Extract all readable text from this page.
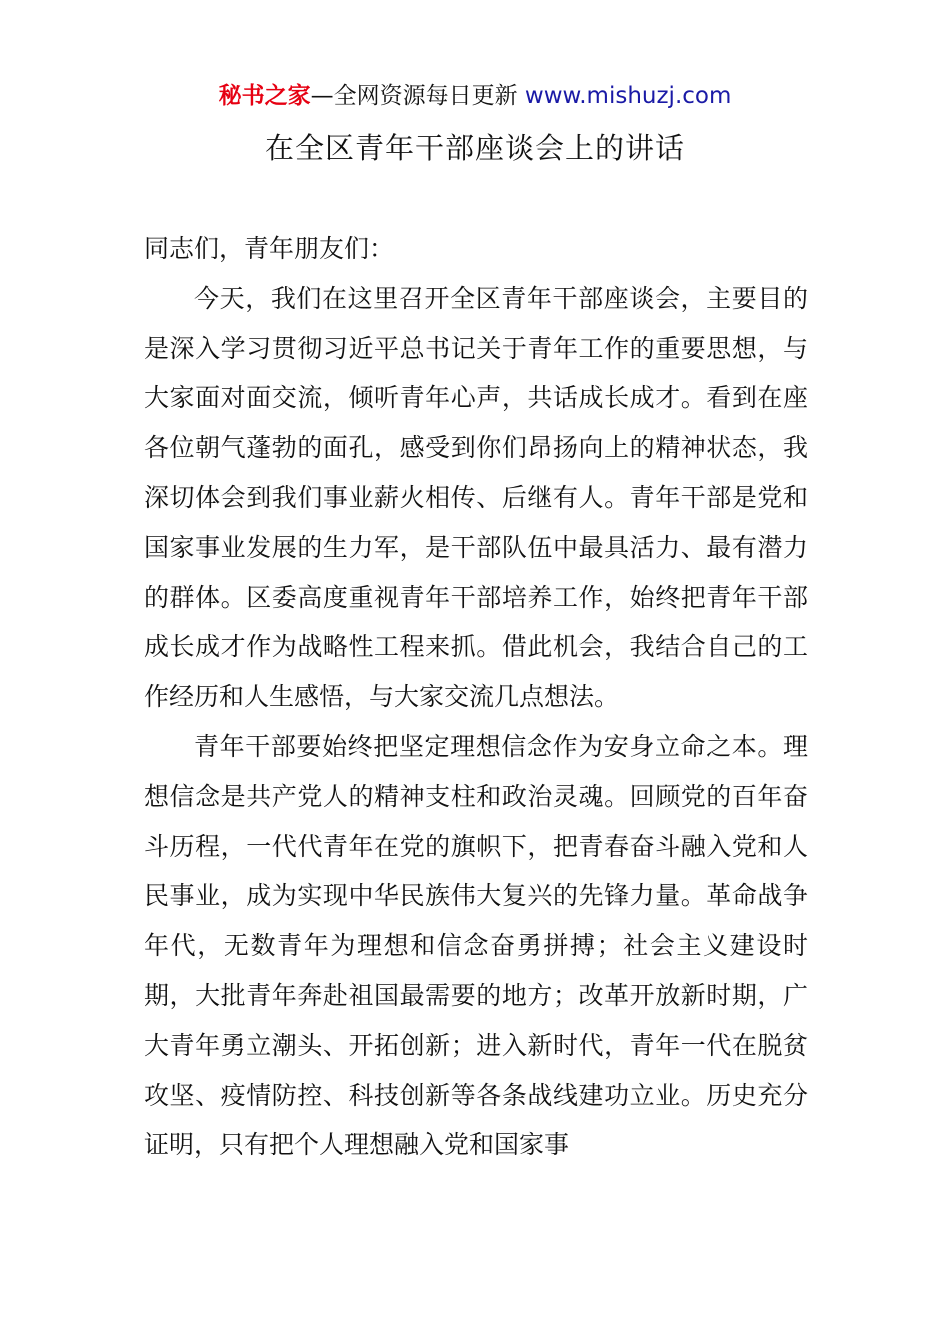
秘书之家—全网资源每日更新 www.mishuzj.com
在全区青年干部座谈会上的讲话

同志们，青年朋友们：

今天，我们在这里召开全区青年干部座谈会，主要目的是深入学习贯彻习近平总书记关于青年工作的重要思想，与大家面对面交流，倾听青年心声，共话成长成才。看到在座各位朝气蓬勃的面孔，感受到你们昂扬向上的精神状态，我深切体会到我们事业薪火相传、后继有人。青年干部是党和国家事业发展的生力军，是干部队伍中最具活力、最有潜力的群体。区委高度重视青年干部培养工作，始终把青年干部成长成才作为战略性工程来抓。借此机会，我结合自己的工作经历和人生感悟，与大家交流几点想法。

青年干部要始终把坚定理想信念作为安身立命之本。理想信念是共产党人的精神支柱和政治灵魂。回顾党的百年奋斗历程，一代代青年在党的旗帜下，把青春奋斗融入党和人民事业，成为实现中华民族伟大复兴的先锋力量。革命战争年代，无数青年为理想和信念奋勇拼搏；社会主义建设时期，大批青年奔赴祖国最需要的地方；改革开放新时期，广大青年勇立潮头、开拓创新；进入新时代，青年一代在脱贫攻坚、疫情防控、科技创新等各条战线建功立业。历史充分证明，只有把个人理想融入党和国家事
